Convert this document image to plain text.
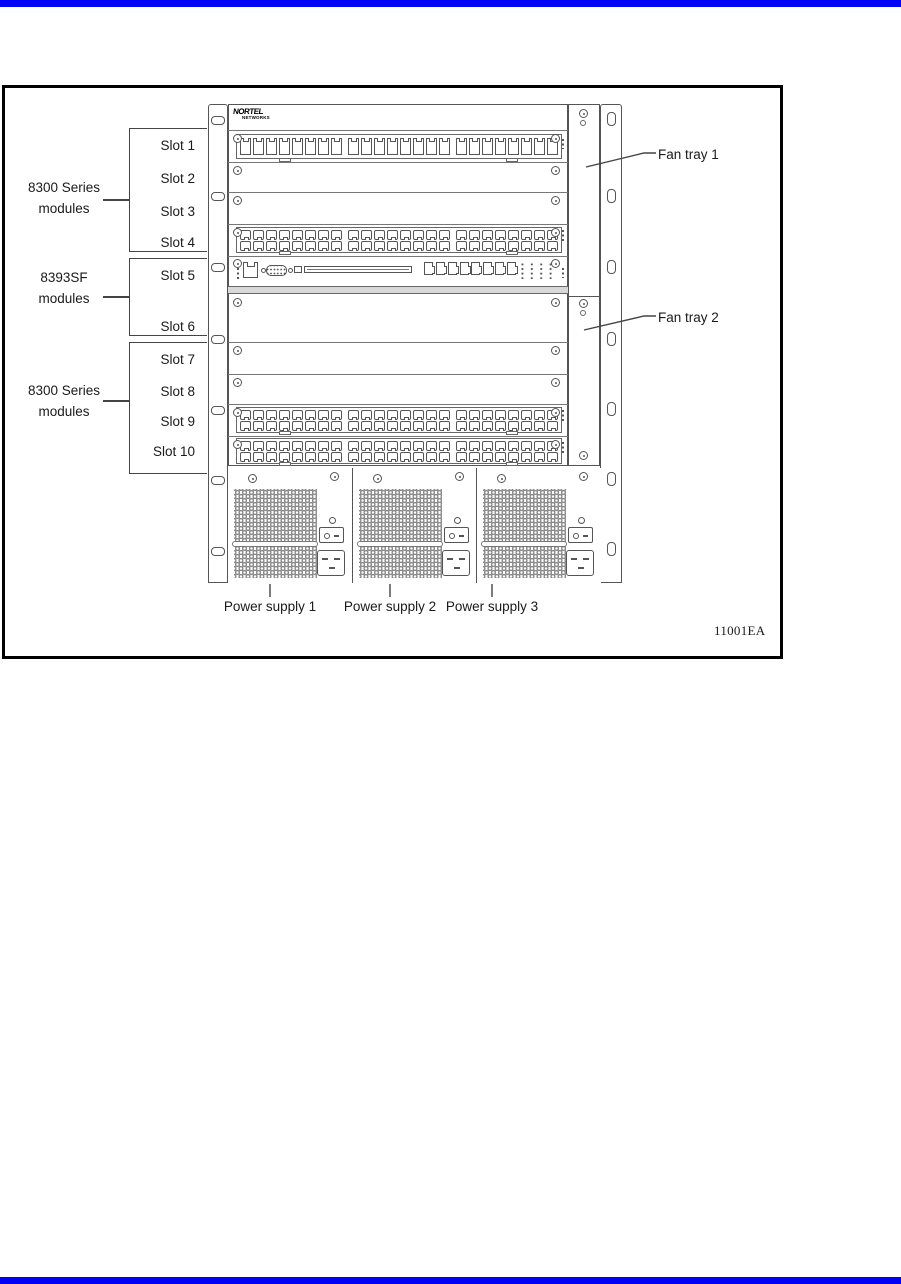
8300 Series
modules
8393SF
modules
8300 Series
modules
Slot 1
Slot 2
Slot 3
Slot 4
Slot 5
Slot 6
Slot 7
Slot 8
Slot 9
Slot 10
NORTEL
NETWORKS
Fan tray 1
Fan tray 2
Power supply 1	Power supply 2 Power supply 3
11001EA
